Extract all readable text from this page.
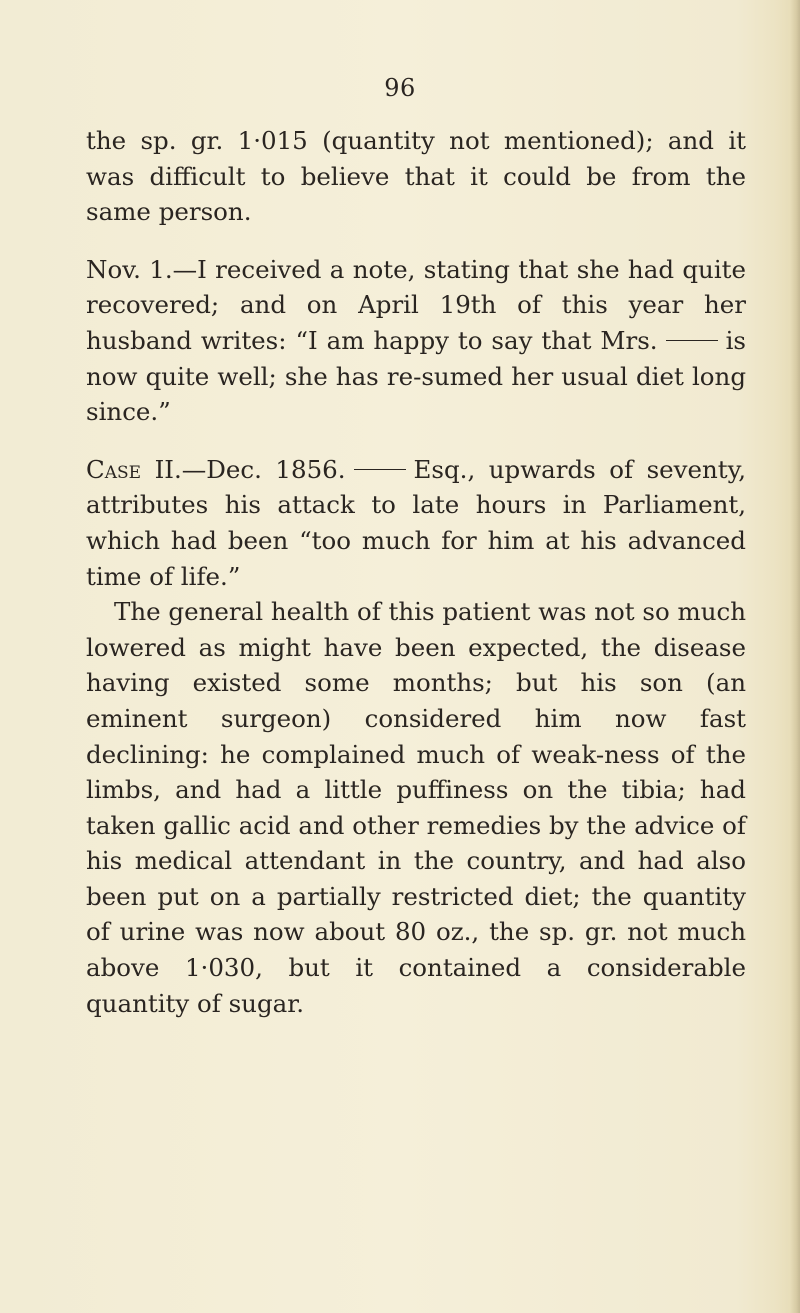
96

the sp. gr. 1·015 (quantity not mentioned); and it was difficult to believe that it could be from the same person.

Nov. 1.—I received a note, stating that she had quite recovered; and on April 19th of this year her husband writes: “I am happy to say that Mrs.	is now quite well; she has re-sumed her usual diet long since.”

Case II.—Dec. 1856.	Esq., upwards of seventy, attributes his attack to late hours in Parliament, which had been “too much for him at his advanced time of life.”

The general health of this patient was not so much lowered as might have been expected, the disease having existed some months; but his son (an eminent surgeon) considered him now fast declining: he complained much of weak-ness of the limbs, and had a little puffiness on the tibia; had taken gallic acid and other remedies by the advice of his medical attendant in the country, and had also been put on a partially restricted diet; the quantity of urine was now about 80 oz., the sp. gr. not much above 1·030, but it contained a considerable quantity of sugar.
